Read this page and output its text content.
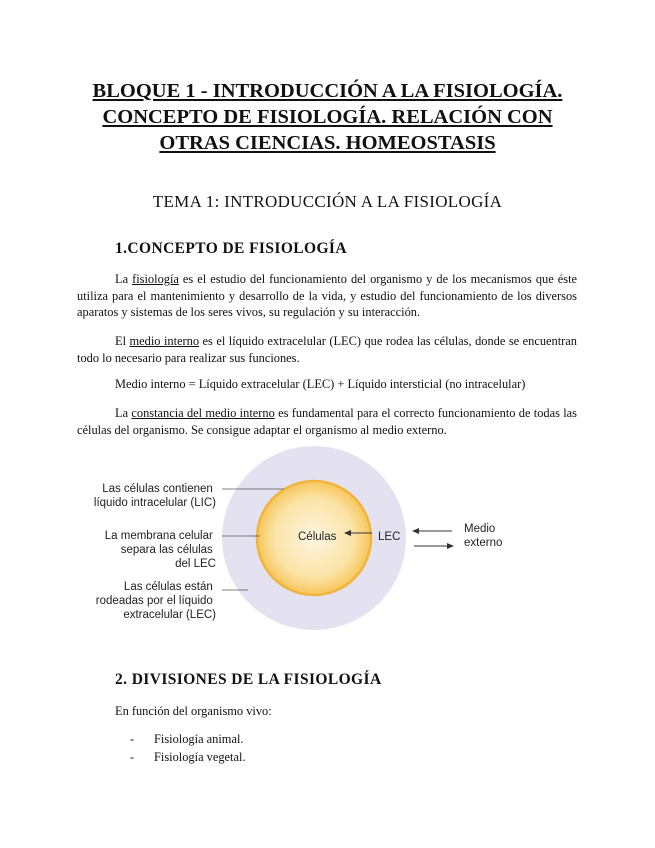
BLOQUE 1 - INTRODUCCIÓN A LA FISIOLOGÍA.
CONCEPTO DE FISIOLOGÍA. RELACIÓN CON
OTRAS CIENCIAS. HOMEOSTASIS
TEMA 1: INTRODUCCIÓN A LA FISIOLOGÍA
1.CONCEPTO DE FISIOLOGÍA

La fisiología es el estudio del funcionamiento del organismo y de los mecanismos que éste utiliza para el mantenimiento y desarrollo de la vida, y estudio del funcionamiento de los diversos aparatos y sistemas de los seres vivos, su regulación y su interacción.

El medio interno es el líquido extracelular (LEC) que rodea las células, donde se encuentran todo lo necesario para realizar sus funciones.

Medio interno = Líquido extracelular (LEC) + Líquido intersticial (no intracelular)

La constancia del medio interno es fundamental para el correcto funcionamiento de todas las células del organismo. Se consigue adaptar el organismo al medio externo.

Las células contienen líquido intracelular (LIC)
La membrana celular separa las células del LEC
Las células están rodeadas por el líquido extracelular (LEC)
Células	LEC
Medio externo
2. DIVISIONES DE LA FISIOLOGÍA

En función del organismo vivo:

-	Fisiología animal.
-	Fisiología vegetal.
